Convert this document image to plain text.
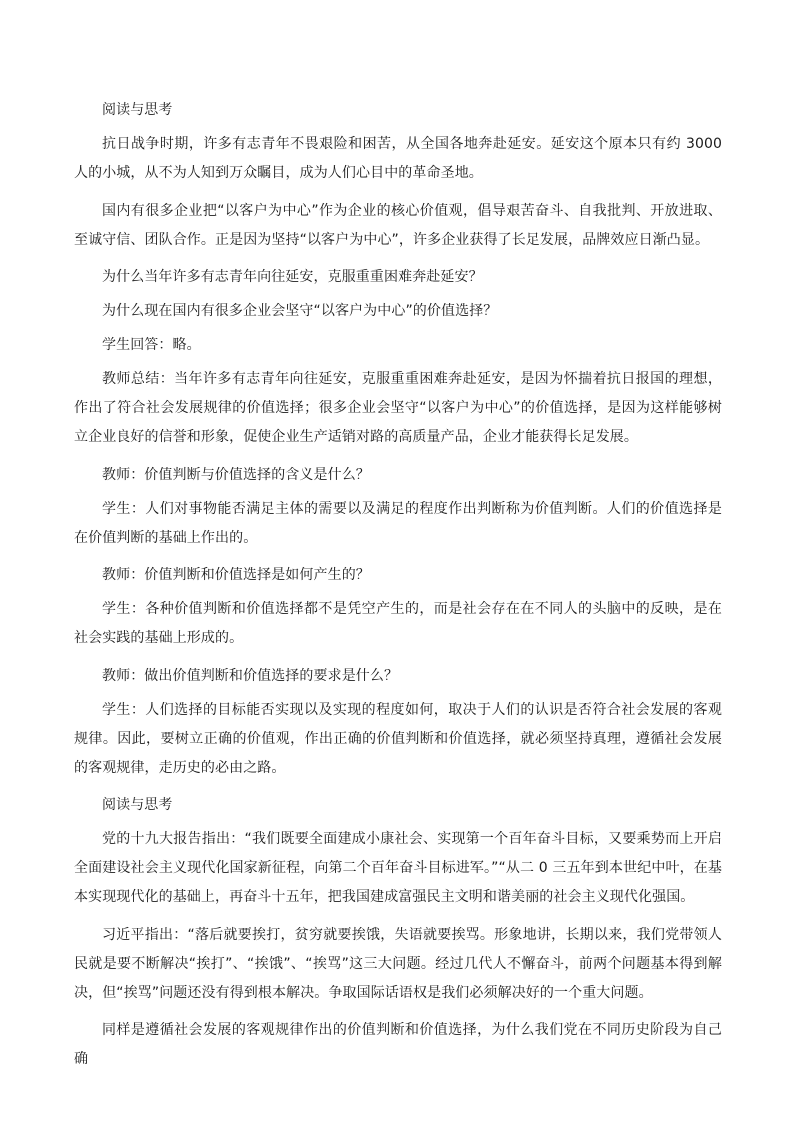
阅读与思考

抗日战争时期，许多有志青年不畏艰险和困苦，从全国各地奔赴延安。延安这个原本只有约 3000 人的小城，从不为人知到万众瞩目，成为人们心目中的革命圣地。

国内有很多企业把“以客户为中心”作为企业的核心价值观，倡导艰苦奋斗、自我批判、开放进取、至诚守信、团队合作。正是因为坚持“以客户为中心”，许多企业获得了长足发展，品牌效应日渐凸显。

为什么当年许多有志青年向往延安，克服重重困难奔赴延安？

为什么现在国内有很多企业会坚守“以客户为中心”的价值选择？

学生回答：略。

教师总结：当年许多有志青年向往延安，克服重重困难奔赴延安，是因为怀揣着抗日报国的理想，作出了符合社会发展规律的价值选择；很多企业会坚守“以客户为中心”的价值选择，是因为这样能够树立企业良好的信誉和形象，促使企业生产适销对路的高质量产品，企业才能获得长足发展。

教师：价值判断与价值选择的含义是什么？

学生：人们对事物能否满足主体的需要以及满足的程度作出判断称为价值判断。人们的价值选择是在价值判断的基础上作出的。

教师：价值判断和价值选择是如何产生的？

学生：各种价值判断和价值选择都不是凭空产生的，而是社会存在在不同人的头脑中的反映，是在社会实践的基础上形成的。

教师：做出价值判断和价值选择的要求是什么？

学生：人们选择的目标能否实现以及实现的程度如何，取决于人们的认识是否符合社会发展的客观规律。因此，要树立正确的价值观，作出正确的价值判断和价值选择，就必须坚持真理，遵循社会发展的客观规律，走历史的必由之路。

阅读与思考

党的十九大报告指出：“我们既要全面建成小康社会、实现第一个百年奋斗目标，又要乘势而上开启全面建设社会主义现代化国家新征程，向第二个百年奋斗目标进军。”“从二 0 三五年到本世纪中叶，在基本实现现代化的基础上，再奋斗十五年，把我国建成富强民主文明和谐美丽的社会主义现代化强国。

习近平指出：“落后就要挨打，贫穷就要挨饿，失语就要挨骂。形象地讲，长期以来，我们党带领人民就是要不断解决“挨打”、“挨饿”、“挨骂”这三大问题。经过几代人不懈奋斗，前两个问题基本得到解决，但“挨骂”问题还没有得到根本解决。争取国际话语权是我们必须解决好的一个重大问题。

同样是遵循社会发展的客观规律作出的价值判断和价值选择，为什么我们党在不同历史阶段为自己确
